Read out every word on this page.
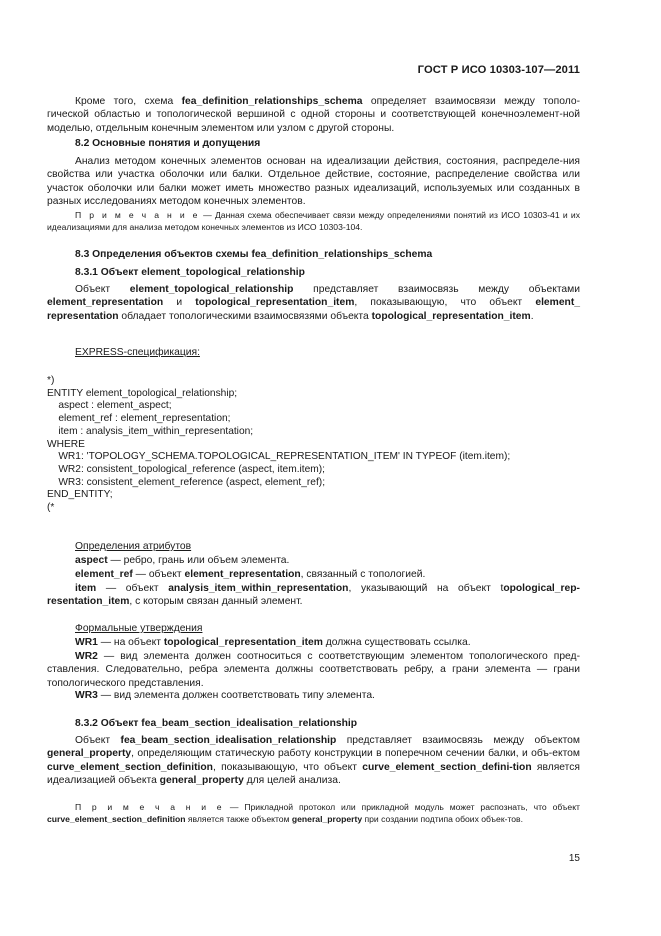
ГОСТ Р ИСО 10303-107—2011

Кроме того, схема fea_definition_relationships_schema определяет взаимосвязи между тополо-гической областью и топологической вершиной с одной стороны и соответствующей конечноэлемент-ной моделью, отдельным конечным элементом или узлом с другой стороны.

8.2 Основные понятия и допущения

Анализ методом конечных элементов основан на идеализации действия, состояния, распределе-ния свойства или участка оболочки или балки. Отдельное действие, состояние, распределение свойства или участок оболочки или балки может иметь множество разных идеализаций, используемых или созданных в разных исследованиях методом конечных элементов.

П р и м е ч а н и е — Данная схема обеспечивает связи между определениями понятий из ИСО 10303-41 и их идеализациями для анализа методом конечных элементов из ИСО 10303-104.

8.3 Определения объектов схемы fea_definition_relationships_schema

8.3.1 Объект element_topological_relationship

Объект element_topological_relationship представляет взаимосвязь между объектами element_representation и topological_representation_item, показывающую, что объект element_ representation обладает топологическими взаимосвязями объекта topological_representation_item.

EXPRESS-спецификация:

*)
ENTITY element_topological_relationship;
aspect : element_aspect;
element_ref : element_representation;
item : analysis_item_within_representation;
WHERE
WR1: 'TOPOLOGY_SCHEMA.TOPOLOGICAL_REPRESENTATION_ITEM' IN TYPEOF (item.item);
WR2: consistent_topological_reference (aspect, item.item);
WR3: consistent_element_reference (aspect, element_ref);
END_ENTITY;
(*

Определения атрибутов

aspect — ребро, грань или объем элемента.

element_ref — объект element_representation, связанный с топологией.

item — объект analysis_item_within_representation, указывающий на объект topological_rep-resentation_item, с которым связан данный элемент.

Формальные утверждения

WR1 — на объект topological_representation_item должна существовать ссылка.

WR2 — вид элемента должен соотноситься с соответствующим элементом топологического пред-ставления. Следовательно, ребра элемента должны соответствовать ребру, а грани элемента — грани топологического представления.

WR3 — вид элемента должен соответствовать типу элемента.

8.3.2 Объект fea_beam_section_idealisation_relationship

Объект fea_beam_section_idealisation_relationship представляет взаимосвязь между объектом general_property, определяющим статическую работу конструкции в поперечном сечении балки, и объ-ектом curve_element_section_definition, показывающую, что объект curve_element_section_defini-tion является идеализацией объекта general_property для целей анализа.

П р и м е ч а н и е — Прикладной протокол или прикладной модуль может распознать, что объект curve_element_section_definition является также объектом general_property при создании подтипа обоих объек-тов.

15
